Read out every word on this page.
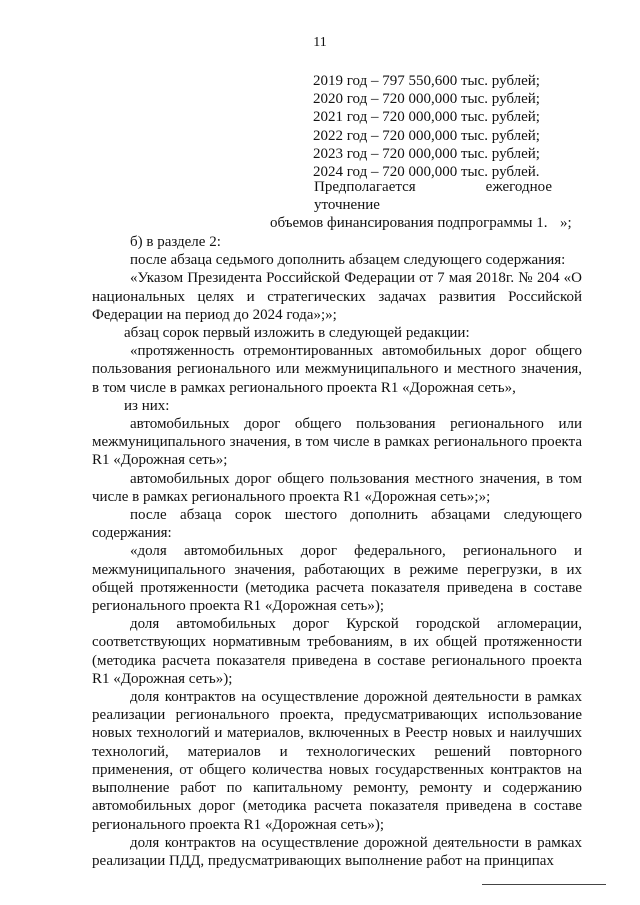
11
2019 год – 797 550,600 тыс. рублей;
2020 год – 720 000,000 тыс. рублей;
2021 год – 720 000,000 тыс. рублей;
2022 год – 720 000,000 тыс. рублей;
2023 год – 720 000,000 тыс. рублей;
2024 год – 720 000,000 тыс. рублей.
Предполагается ежегодное уточнение
объемов финансирования подпрограммы 1. »;

б) в разделе 2:

после абзаца седьмого дополнить абзацем следующего содержания:

«Указом Президента Российской Федерации от 7 мая 2018г. № 204 «О национальных целях и стратегических задачах развития Российской Федерации на период до 2024 года»;»;

абзац сорок первый изложить в следующей редакции:

«протяженность отремонтированных автомобильных дорог общего пользования регионального или межмуниципального и местного значения, в том числе в рамках регионального проекта R1 «Дорожная сеть»,

из них:

автомобильных дорог общего пользования регионального или межмуниципального значения, в том числе в рамках регионального проекта R1 «Дорожная сеть»;

автомобильных дорог общего пользования местного значения, в том числе в рамках регионального проекта R1 «Дорожная сеть»;»;

после абзаца сорок шестого дополнить абзацами следующего содержания:

«доля автомобильных дорог федерального, регионального и межмуниципального значения, работающих в режиме перегрузки, в их общей протяженности (методика расчета показателя приведена в составе регионального проекта R1 «Дорожная сеть»);

доля автомобильных дорог Курской городской агломерации, соответствующих нормативным требованиям, в их общей протяженности (методика расчета показателя приведена в составе регионального проекта R1 «Дорожная сеть»);

доля контрактов на осуществление дорожной деятельности в рамках реализации регионального проекта, предусматривающих использование новых технологий и материалов, включенных в Реестр новых и наилучших технологий, материалов и технологических решений повторного применения, от общего количества новых государственных контрактов на выполнение работ по капитальному ремонту, ремонту и содержанию автомобильных дорог (методика расчета показателя приведена в составе регионального проекта R1 «Дорожная сеть»);

доля контрактов на осуществление дорожной деятельности в рамках реализации ПДД, предусматривающих выполнение работ на принципах
